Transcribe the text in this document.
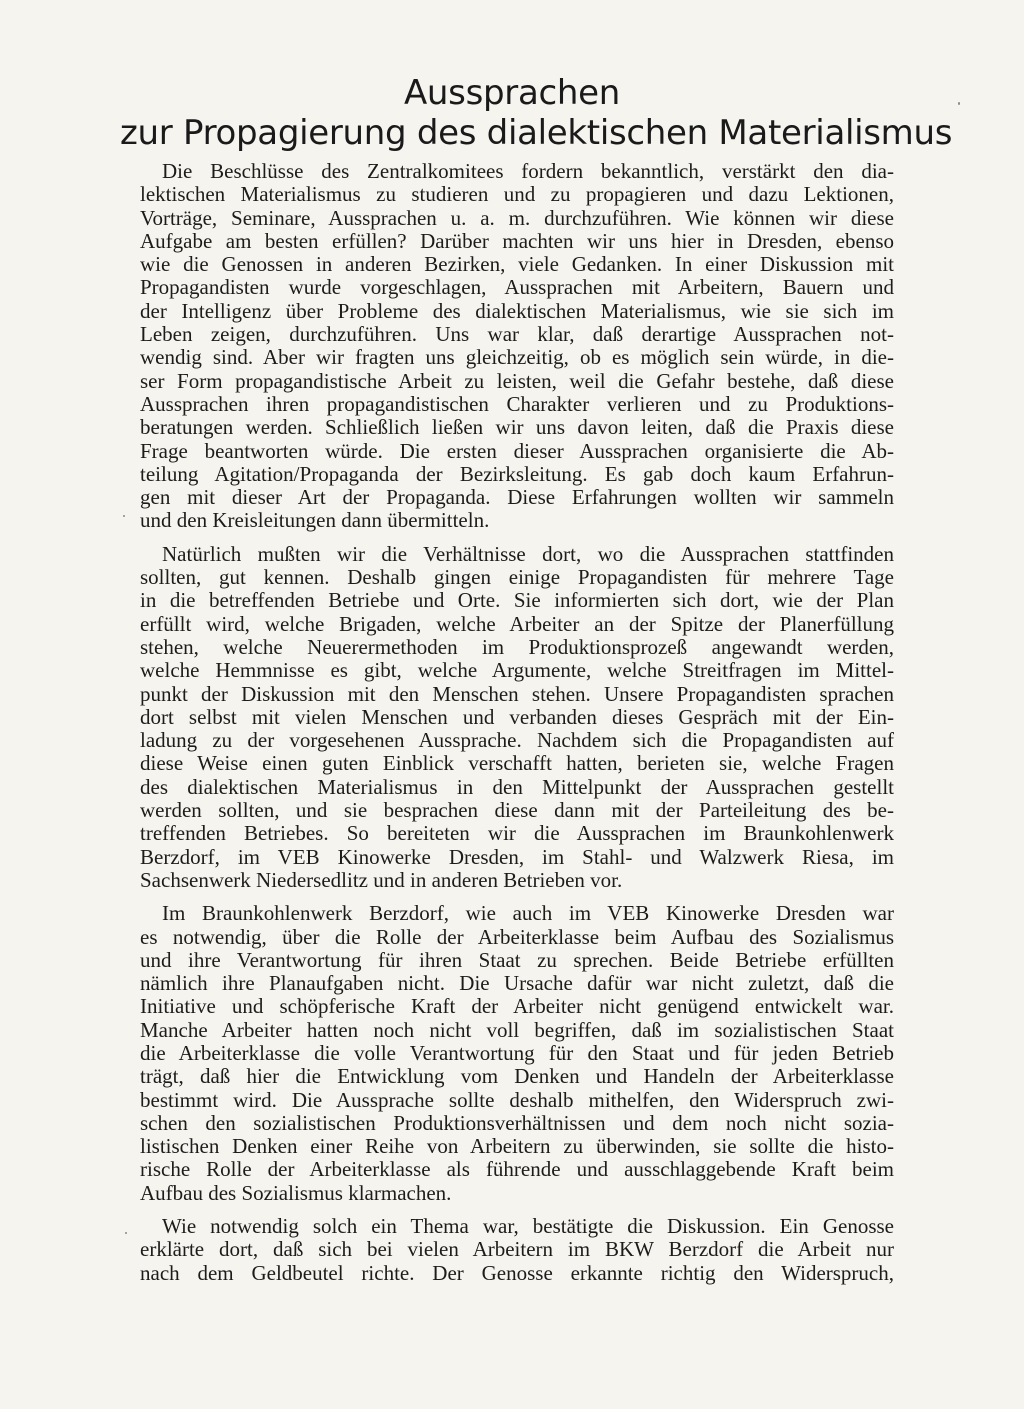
Aussprachen
zur Propagierung des dialektischen Materialismus
Die Beschlüsse des Zentralkomitees fordern bekanntlich, verstärkt den dia-
lektischen Materialismus zu studieren und zu propagieren und dazu Lektionen,
Vorträge, Seminare, Aussprachen u. a. m. durchzuführen. Wie können wir diese
Aufgabe am besten erfüllen? Darüber machten wir uns hier in Dresden, ebenso
wie die Genossen in anderen Bezirken, viele Gedanken. In einer Diskussion mit
Propagandisten wurde vorgeschlagen, Aussprachen mit Arbeitern, Bauern und
der Intelligenz über Probleme des dialektischen Materialismus, wie sie sich im
Leben zeigen, durchzuführen. Uns war klar, daß derartige Aussprachen not-
wendig sind. Aber wir fragten uns gleichzeitig, ob es möglich sein würde, in die-
ser Form propagandistische Arbeit zu leisten, weil die Gefahr bestehe, daß diese
Aussprachen ihren propagandistischen Charakter verlieren und zu Produktions-
beratungen werden. Schließlich ließen wir uns davon leiten, daß die Praxis diese
Frage beantworten würde. Die ersten dieser Aussprachen organisierte die Ab-
teilung Agitation/Propaganda der Bezirksleitung. Es gab doch kaum Erfahrun-
gen mit dieser Art der Propaganda. Diese Erfahrungen wollten wir sammeln
und den Kreisleitungen dann übermitteln.
Natürlich mußten wir die Verhältnisse dort, wo die Aussprachen stattfinden
sollten, gut kennen. Deshalb gingen einige Propagandisten für mehrere Tage
in die betreffenden Betriebe und Orte. Sie informierten sich dort, wie der Plan
erfüllt wird, welche Brigaden, welche Arbeiter an der Spitze der Planerfüllung
stehen, welche Neuerermethoden im Produktionsprozeß angewandt werden,
welche Hemmnisse es gibt, welche Argumente, welche Streitfragen im Mittel-
punkt der Diskussion mit den Menschen stehen. Unsere Propagandisten sprachen
dort selbst mit vielen Menschen und verbanden dieses Gespräch mit der Ein-
ladung zu der vorgesehenen Aussprache. Nachdem sich die Propagandisten auf
diese Weise einen guten Einblick verschafft hatten, berieten sie, welche Fragen
des dialektischen Materialismus in den Mittelpunkt der Aussprachen gestellt
werden sollten, und sie besprachen diese dann mit der Parteileitung des be-
treffenden Betriebes. So bereiteten wir die Aussprachen im Braunkohlenwerk
Berzdorf, im VEB Kinowerke Dresden, im Stahl- und Walzwerk Riesa, im
Sachsenwerk Niedersedlitz und in anderen Betrieben vor.
Im Braunkohlenwerk Berzdorf, wie auch im VEB Kinowerke Dresden war
es notwendig, über die Rolle der Arbeiterklasse beim Aufbau des Sozialismus
und ihre Verantwortung für ihren Staat zu sprechen. Beide Betriebe erfüllten
nämlich ihre Planaufgaben nicht. Die Ursache dafür war nicht zuletzt, daß die
Initiative und schöpferische Kraft der Arbeiter nicht genügend entwickelt war.
Manche Arbeiter hatten noch nicht voll begriffen, daß im sozialistischen Staat
die Arbeiterklasse die volle Verantwortung für den Staat und für jeden Betrieb
trägt, daß hier die Entwicklung vom Denken und Handeln der Arbeiterklasse
bestimmt wird. Die Aussprache sollte deshalb mithelfen, den Widerspruch zwi-
schen den sozialistischen Produktionsverhältnissen und dem noch nicht sozia-
listischen Denken einer Reihe von Arbeitern zu überwinden, sie sollte die histo-
rische Rolle der Arbeiterklasse als führende und ausschlaggebende Kraft beim
Aufbau des Sozialismus klarmachen.
Wie notwendig solch ein Thema war, bestätigte die Diskussion. Ein Genosse
erklärte dort, daß sich bei vielen Arbeitern im BKW Berzdorf die Arbeit nur
nach dem Geldbeutel richte. Der Genosse erkannte richtig den Widerspruch,
